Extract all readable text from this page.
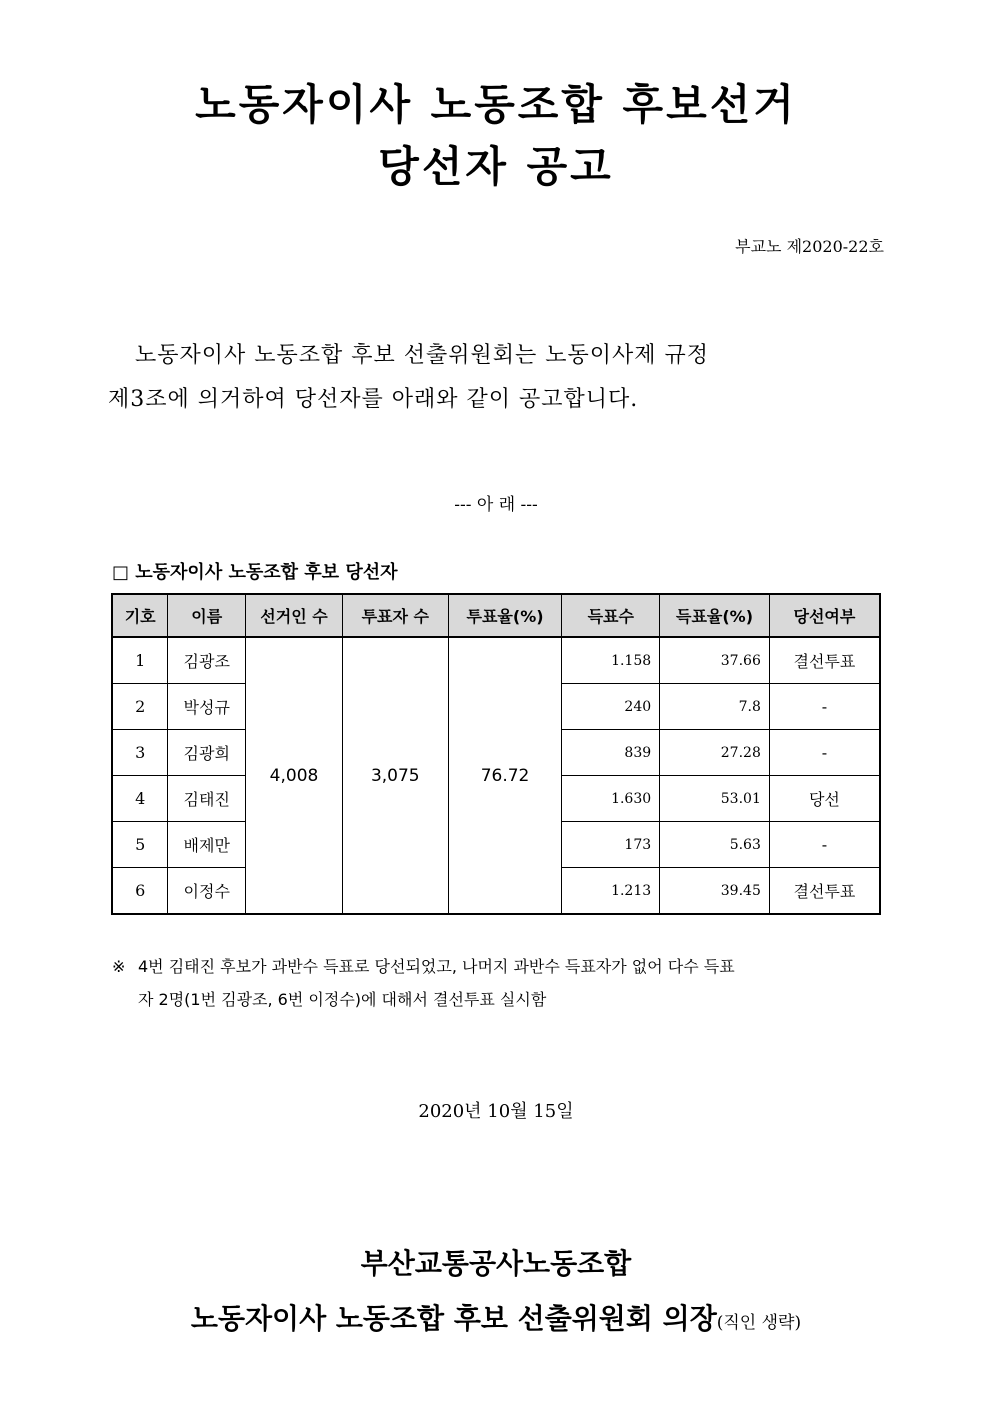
노동자이사 노동조합 후보선거
당선자 공고
부교노 제2020-22호
노동자이사 노동조합 후보 선출위원회는 노동이사제 규정
제3조에 의거하여 당선자를 아래와 같이 공고합니다.
--- 아 래 ---
□ 노동자이사 노동조합 후보 당선자
기호	이름	선거인 수	투표자 수	투표율(%)	득표수	득표율(%)	당선여부
1	김광조	4,008	3,075	76.72	1.158	37.66	결선투표
2	박성규				240	7.8	-
3	김광희				839	27.28	-
4	김태진				1.630	53.01	당선
5	배제만				173	5.63	-
6	이정수				1.213	39.45	결선투표
※ 4번 김태진 후보가 과반수 득표로 당선되었고, 나머지 과반수 득표자가 없어 다수 득표
자 2명(1번 김광조, 6번 이정수)에 대해서 결선투표 실시함
2020년 10월 15일
부산교통공사노동조합
노동자이사 노동조합 후보 선출위원회 의장(직인 생략)
